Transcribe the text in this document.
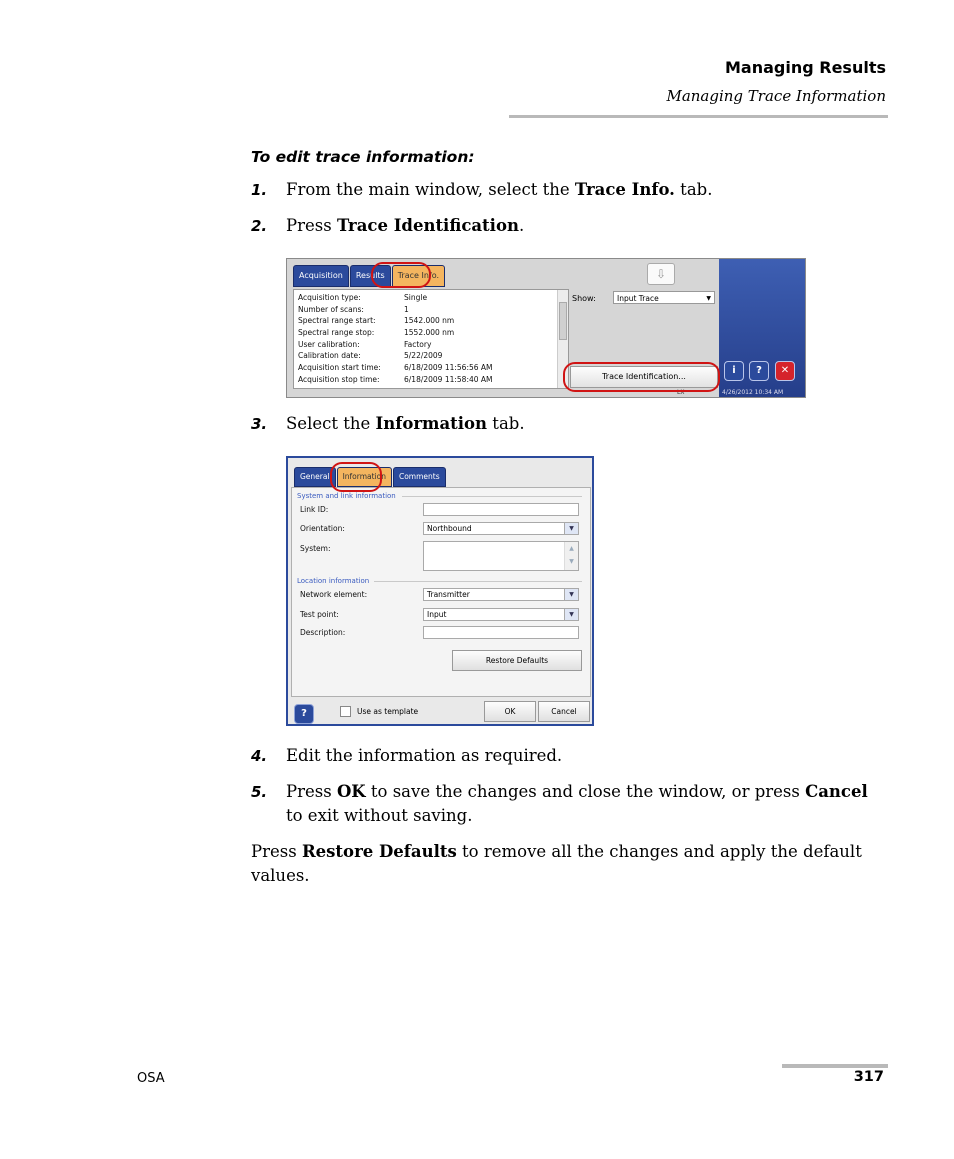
Managing Results
Managing Trace Information
To edit trace information:
1. From the main window, select the Trace Info. tab.
2. Press Trace Identification.
Acquisition	Results	Trace Info.	⇩
Acquisition type:	Single
Number of scans:	1
Spectral range start:	1542.000 nm
Spectral range stop:	1552.000 nm
User calibration:	Factory
Calibration date:	5/22/2009
Acquisition start time:	6/18/2009 11:56:56 AM
Acquisition stop time:	6/18/2009 11:58:40 AM
Show:	Input Trace	▼
Trace Identification...
i	?	✕
LX	4/26/2012 10:34 AM
3. Select the Information tab.
General	Information	Comments
System and link information
Link ID:
Orientation:	Northbound	▼
System:	▲
▼
Location information
Network element:	Transmitter	▼
Test point:	Input	▼
Description:
Restore Defaults
?	Use as template	OK	Cancel
4. Edit the information as required.
5. Press OK to save the changes and close the window, or press Cancel to exit without saving.
Press Restore Defaults to remove all the changes and apply the default values.
OSA	317
